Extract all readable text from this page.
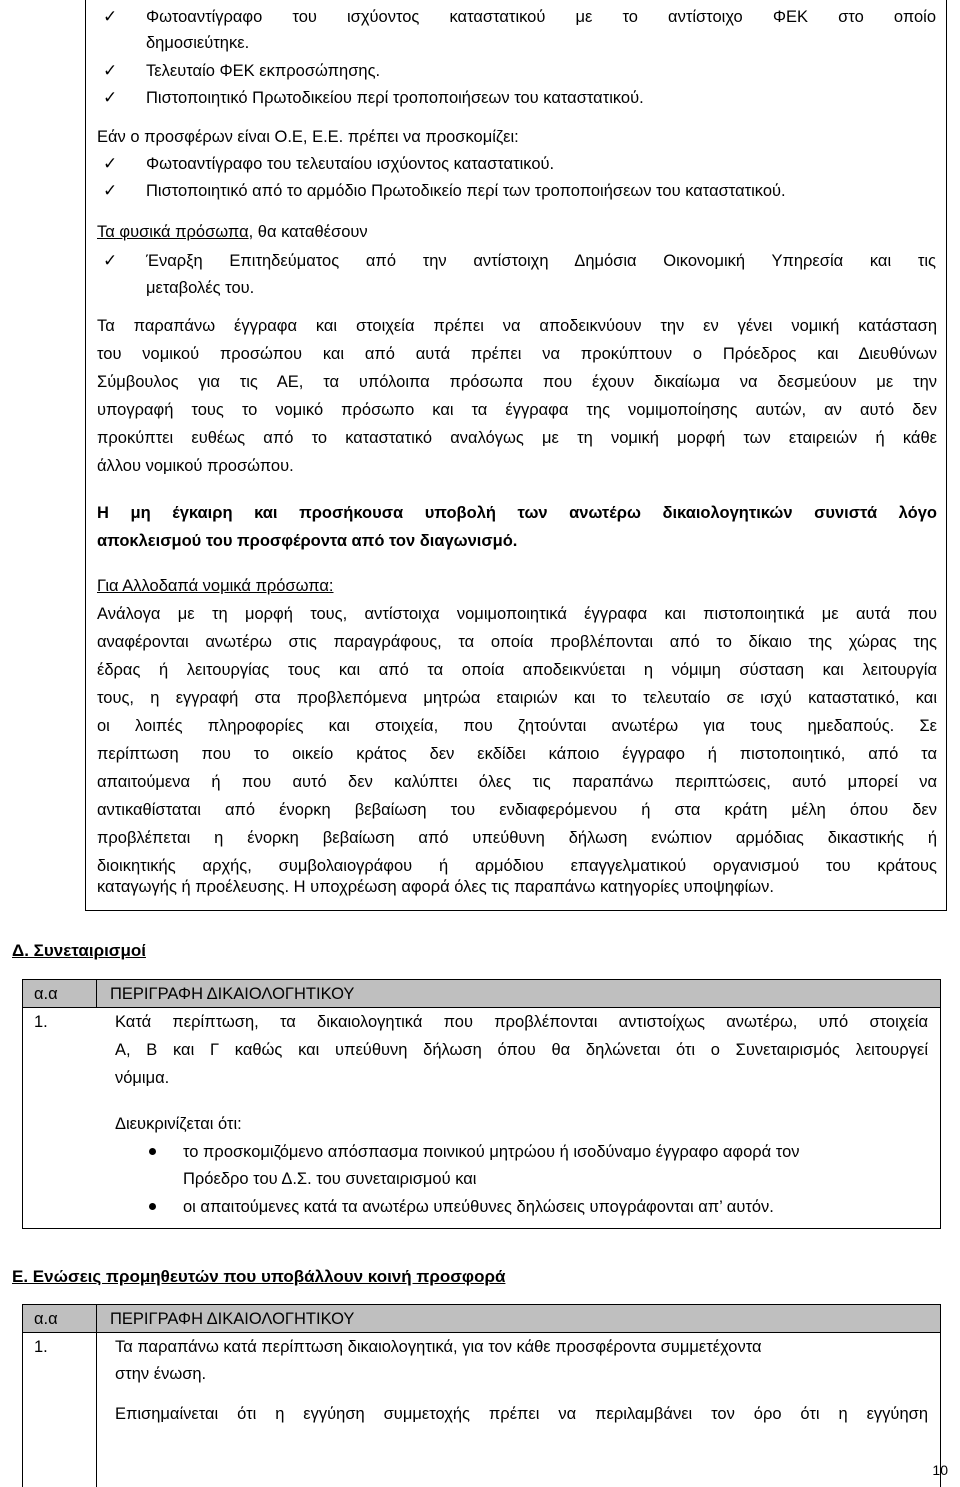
✓ Φωτοαντίγραφο του ισχύοντος καταστατικού με το αντίστοιχο ΦΕΚ στο οποίο
δημοσιεύτηκε.
✓ Τελευταίο ΦΕΚ εκπροσώπησης.
✓ Πιστοποιητικό Πρωτοδικείου περί τροποποιήσεων του καταστατικού.
Εάν ο προσφέρων είναι Ο.Ε, Ε.Ε. πρέπει να προσκομίζει:
✓ Φωτοαντίγραφο του τελευταίου ισχύοντος καταστατικού.
✓ Πιστοποιητικό από το αρμόδιο Πρωτοδικείο περί των τροποποιήσεων του καταστατικού.
Τα φυσικά πρόσωπα, θα καταθέσουν
✓ Έναρξη Επιτηδεύματος από την αντίστοιχη Δημόσια Οικονομική Υπηρεσία και τις
μεταβολές του.
Τα παραπάνω έγγραφα και στοιχεία πρέπει να αποδεικνύουν την εν γένει νομική κατάσταση
του νομικού προσώπου και από αυτά πρέπει να προκύπτουν ο Πρόεδρος και Διευθύνων
Σύμβουλος για τις ΑΕ, τα υπόλοιπα πρόσωπα που έχουν δικαίωμα να δεσμεύουν με την
υπογραφή τους το νομικό πρόσωπο και τα έγγραφα της νομιμοποίησης αυτών, αν αυτό δεν
προκύπτει ευθέως από το καταστατικό αναλόγως με τη νομική μορφή των εταιρειών ή κάθε
άλλου νομικού προσώπου.
Η μη έγκαιρη και προσήκουσα υποβολή των ανωτέρω δικαιολογητικών συνιστά λόγο
αποκλεισμού του προσφέροντα από τον διαγωνισμό.
Για Αλλοδαπά νομικά πρόσωπα:
Ανάλογα με τη μορφή τους, αντίστοιχα νομιμοποιητικά έγγραφα και πιστοποιητικά με αυτά που
αναφέρονται ανωτέρω στις παραγράφους, τα οποία προβλέπονται από το δίκαιο της χώρας της
έδρας ή λειτουργίας τους και από τα οποία αποδεικνύεται η νόμιμη σύσταση και λειτουργία
τους, η εγγραφή στα προβλεπόμενα μητρώα εταιριών και το τελευταίο σε ισχύ καταστατικό, και
οι λοιπές πληροφορίες και στοιχεία, που ζητούνται ανωτέρω για τους ημεδαπούς. Σε
περίπτωση που το οικείο κράτος δεν εκδίδει κάποιο έγγραφο ή πιστοποιητικό, από τα
απαιτούμενα ή που αυτό δεν καλύπτει όλες τις παραπάνω περιπτώσεις, αυτό μπορεί να
αντικαθίσταται από ένορκη βεβαίωση του ενδιαφερόμενου ή στα κράτη μέλη όπου δεν
προβλέπεται η ένορκη βεβαίωση από υπεύθυνη δήλωση ενώπιον αρμόδιας δικαστικής ή
διοικητικής αρχής, συμβολαιογράφου ή αρμόδιου επαγγελματικού οργανισμού του κράτους
καταγωγής ή προέλευσης. Η υποχρέωση αφορά όλες τις παραπάνω κατηγορίες υποψηφίων.
Δ. Συνεταιρισμοί
α.α	ΠΕΡΙΓΡΑΦΗ ΔΙΚΑΙΟΛΟΓΗΤΙΚΟΥ
1.	Κατά περίπτωση, τα δικαιολογητικά που προβλέπονται αντιστοίχως ανωτέρω, υπό στοιχεία
Α, Β και Γ καθώς και υπεύθυνη δήλωση όπου θα δηλώνεται ότι ο Συνεταιρισμός λειτουργεί
νόμιμα.
Διευκρινίζεται ότι:
το προσκομιζόμενο απόσπασμα ποινικού μητρώου ή ισοδύναμο έγγραφο αφορά τον
Πρόεδρο του Δ.Σ. του συνεταιρισμού και
οι απαιτούμενες κατά τα ανωτέρω υπεύθυνες δηλώσεις υπογράφονται απ’ αυτόν.
Ε. Ενώσεις προμηθευτών που υποβάλλουν κοινή προσφορά
α.α	ΠΕΡΙΓΡΑΦΗ ΔΙΚΑΙΟΛΟΓΗΤΙΚΟΥ
1.	Τα παραπάνω κατά περίπτωση δικαιολογητικά, για τον κάθε προσφέροντα συμμετέχοντα
στην ένωση.
Επισημαίνεται ότι η εγγύηση συμμετοχής πρέπει να περιλαμβάνει τον όρο ότι η εγγύηση
10
